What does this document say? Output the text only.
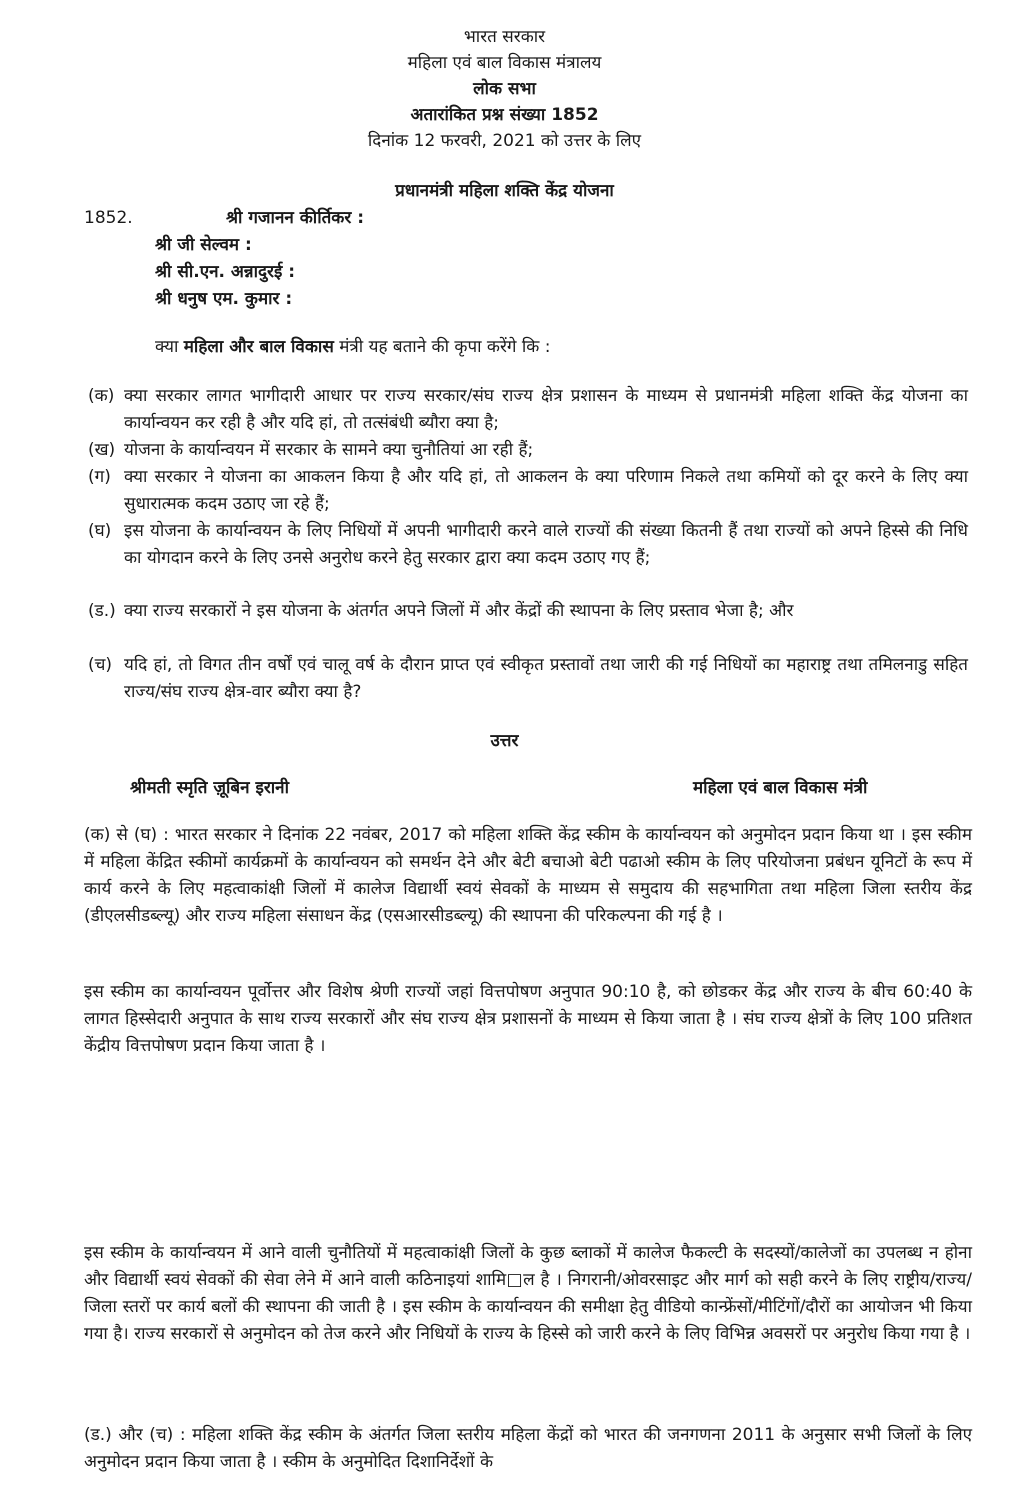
भारत सरकार
महिला एवं बाल विकास मंत्रालय
लोक सभा
अतारांकित प्रश्न संख्या 1852
दिनांक 12 फरवरी, 2021 को उत्तर के लिए
प्रधानमंत्री महिला शक्ति केंद्र योजना
1852.	श्री गजानन कीर्तिकर :
श्री जी सेल्वम :
श्री सी.एन. अन्नादुरई :
श्री धनुष एम. कुमार :
क्या महिला और बाल विकास मंत्री यह बताने की कृपा करेंगे कि :
(क) क्या सरकार लागत भागीदारी आधार पर राज्य सरकार/संघ राज्य क्षेत्र प्रशासन के माध्यम से प्रधानमंत्री महिला शक्ति केंद्र योजना का कार्यान्वयन कर रही है और यदि हां, तो तत्संबंधी ब्यौरा क्या है;
(ख) योजना के कार्यान्वयन में सरकार के सामने क्या चुनौतियां आ रही हैं;
(ग) क्या सरकार ने योजना का आकलन किया है और यदि हां, तो आकलन के क्या परिणाम निकले तथा कमियों को दूर करने के लिए क्या सुधारात्मक कदम उठाए जा रहे हैं;
(घ) इस योजना के कार्यान्वयन के लिए निधियों में अपनी भागीदारी करने वाले राज्यों की संख्या कितनी हैं तथा राज्यों को अपने हिस्से की निधि का योगदान करने के लिए उनसे अनुरोध करने हेतु सरकार द्वारा क्या कदम उठाए गए हैं;
(ड.) क्या राज्य सरकारों ने इस योजना के अंतर्गत अपने जिलों में और केंद्रों की स्थापना के लिए प्रस्ताव भेजा है; और
(च) यदि हां, तो विगत तीन वर्षों एवं चालू वर्ष के दौरान प्राप्त एवं स्वीकृत प्रस्तावों तथा जारी की गई निधियों का महाराष्ट्र तथा तमिलनाडु सहित राज्य/संघ राज्य क्षेत्र-वार ब्यौरा क्या है?
उत्तर
श्रीमती स्मृति ज़ूबिन इरानी	महिला एवं बाल विकास मंत्री
(क) से (घ) : भारत सरकार ने दिनांक 22 नवंबर, 2017 को महिला शक्ति केंद्र स्कीम के कार्यान्वयन को अनुमोदन प्रदान किया था । इस स्कीम में महिला केंद्रित स्कीमों कार्यक्रमों के कार्यान्वयन को समर्थन देने और बेटी बचाओ बेटी पढाओ स्कीम के लिए परियोजना प्रबंधन यूनिटों के रूप में कार्य करने के लिए महत्वाकांक्षी जिलों में कालेज विद्यार्थी स्वयं सेवकों के माध्यम से समुदाय की सहभागिता तथा महिला जिला स्तरीय केंद्र (डीएलसीडब्ल्यू) और राज्य महिला संसाधन केंद्र (एसआरसीडब्ल्यू) की स्थापना की परिकल्पना की गई है ।
इस स्कीम का कार्यान्वयन पूर्वोत्तर और विशेष श्रेणी राज्यों जहां वित्तपोषण अनुपात 90:10 है, को छोडकर केंद्र और राज्य के बीच 60:40 के लागत हिस्सेदारी अनुपात के साथ राज्य सरकारों और संघ राज्य क्षेत्र प्रशासनों के माध्यम से किया जाता है । संघ राज्य क्षेत्रों के लिए 100 प्रतिशत केंद्रीय वित्तपोषण प्रदान किया जाता है ।
इस स्कीम के कार्यान्वयन में आने वाली चुनौतियों में महत्वाकांक्षी जिलों के कुछ ब्लाकों में कालेज फैकल्टी के सदस्यों/कालेजों का उपलब्ध न होना और विद्यार्थी स्वयं सेवकों की सेवा लेने में आने वाली कठिनाइयां शामि□ल है । निगरानी/ओवरसाइट और मार्ग को सही करने के लिए राष्ट्रीय/राज्य/जिला स्तरों पर कार्य बलों की स्थापना की जाती है । इस स्कीम के कार्यान्वयन की समीक्षा हेतु वीडियो कान्फ्रेंसों/मीटिंगों/दौरों का आयोजन भी किया गया है। राज्य सरकारों से अनुमोदन को तेज करने और निधियों के राज्य के हिस्से को जारी करने के लिए विभिन्न अवसरों पर अनुरोध किया गया है ।
(ड.) और (च) : महिला शक्ति केंद्र स्कीम के अंतर्गत जिला स्तरीय महिला केंद्रों को भारत की जनगणना 2011 के अनुसार सभी जिलों के लिए अनुमोदन प्रदान किया जाता है । स्कीम के अनुमोदित दिशानिर्देशों के
